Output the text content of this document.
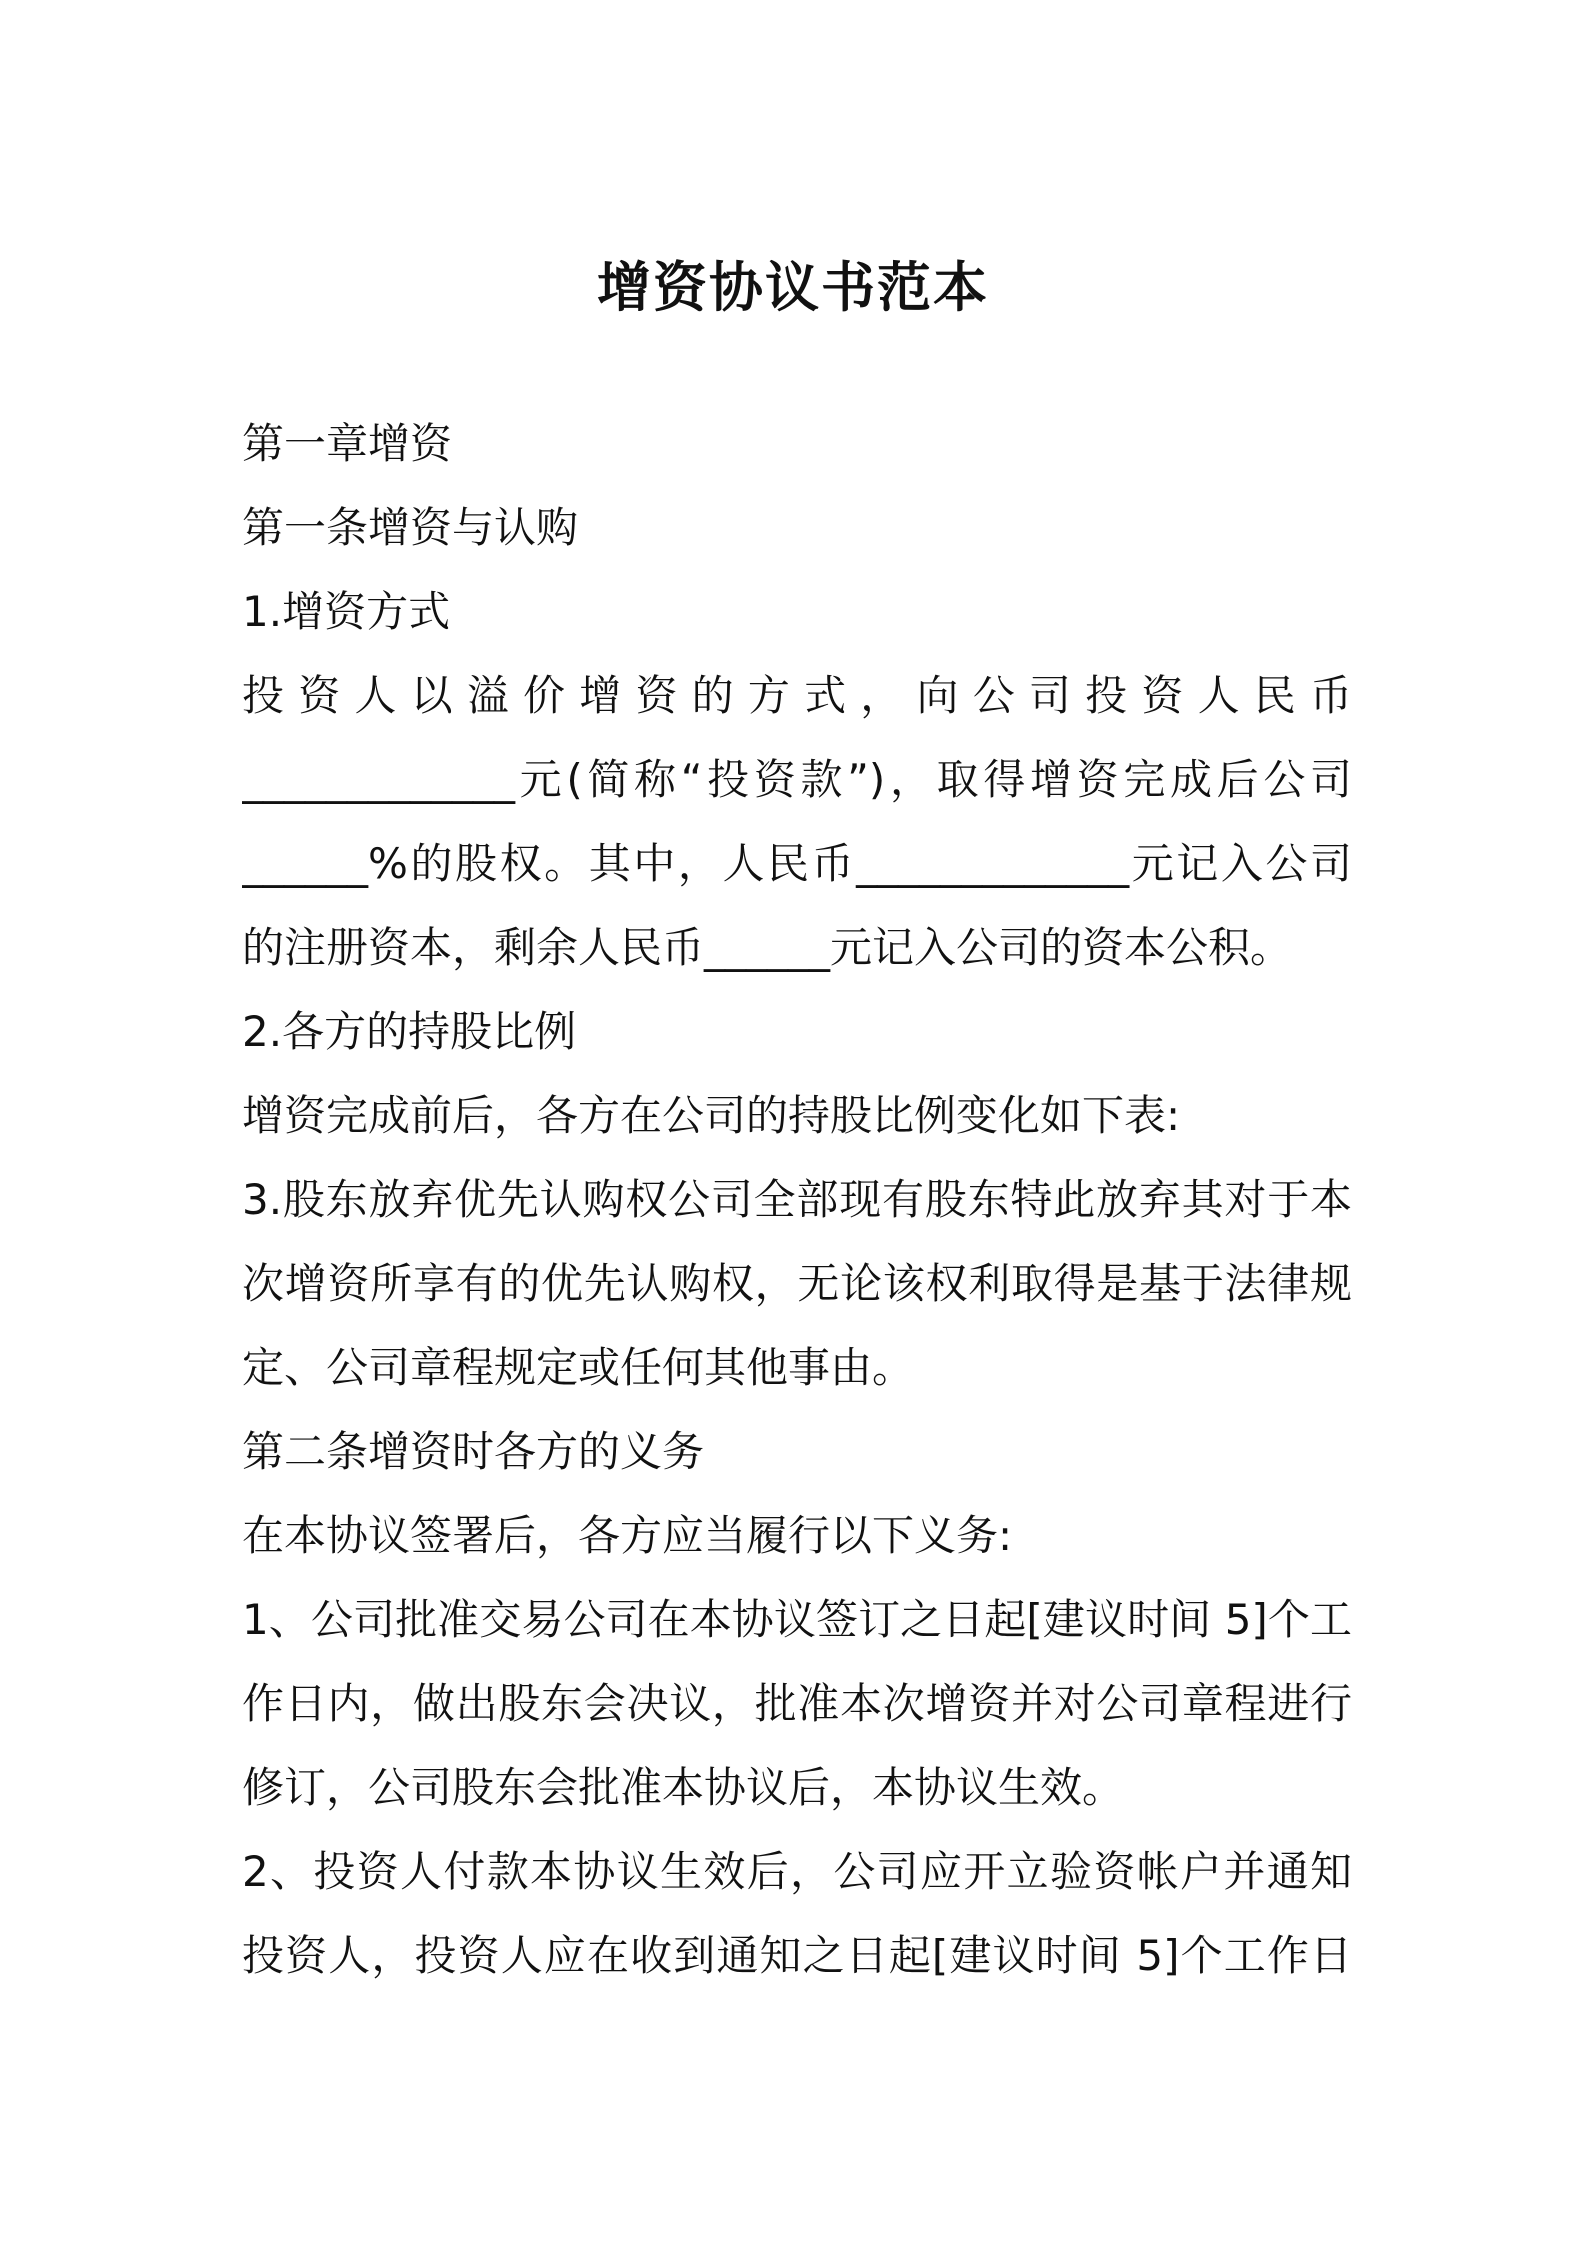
增资协议书范本
第一章增资
第一条增资与认购
1.增资方式
投资人以溢价增资的方式，向公司投资人民币
_____________元(简称“投资款”)，取得增资完成后公司
______%的股权。其中，人民币_____________元记入公司
的注册资本，剩余人民币______元记入公司的资本公积。
2.各方的持股比例
增资完成前后，各方在公司的持股比例变化如下表:
3.股东放弃优先认购权公司全部现有股东特此放弃其对于本
次增资所享有的优先认购权，无论该权利取得是基于法律规
定、公司章程规定或任何其他事由。
第二条增资时各方的义务
在本协议签署后，各方应当履行以下义务:
1、公司批准交易公司在本协议签订之日起[建议时间 5]个工
作日内，做出股东会决议，批准本次增资并对公司章程进行
修订，公司股东会批准本协议后，本协议生效。
2、投资人付款本协议生效后，公司应开立验资帐户并通知
投资人，投资人应在收到通知之日起[建议时间 5]个工作日
